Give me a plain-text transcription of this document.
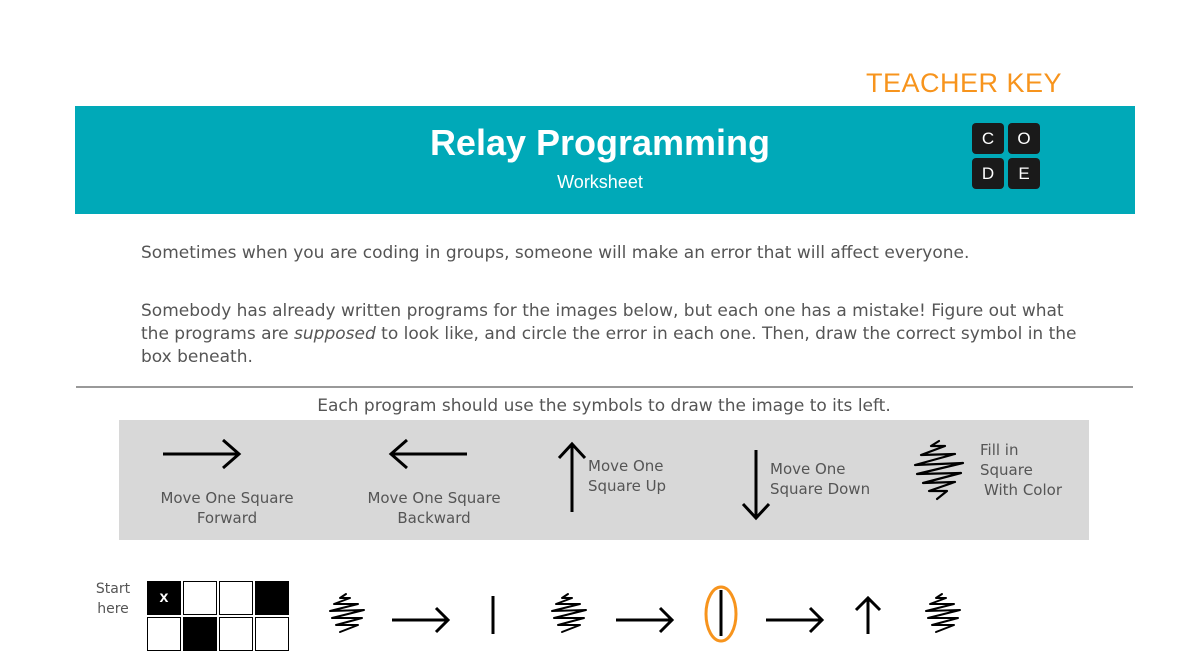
TEACHER KEY
Relay Programming
Worksheet
C	O
D	E

Sometimes when you are coding in groups, someone will make an error that will affect everyone.

Somebody has already written programs for the images below, but each one has a mistake! Figure out what the programs are supposed to look like, and circle the error in each one. Then, draw the correct symbol in the box beneath.

Each program should use the symbols to draw the image to its left.
Move One Square
Forward
Move One Square
Backward
Move One
Square Up
Move One
Square Down
Fill in
Square
With Color
Start
here
x
